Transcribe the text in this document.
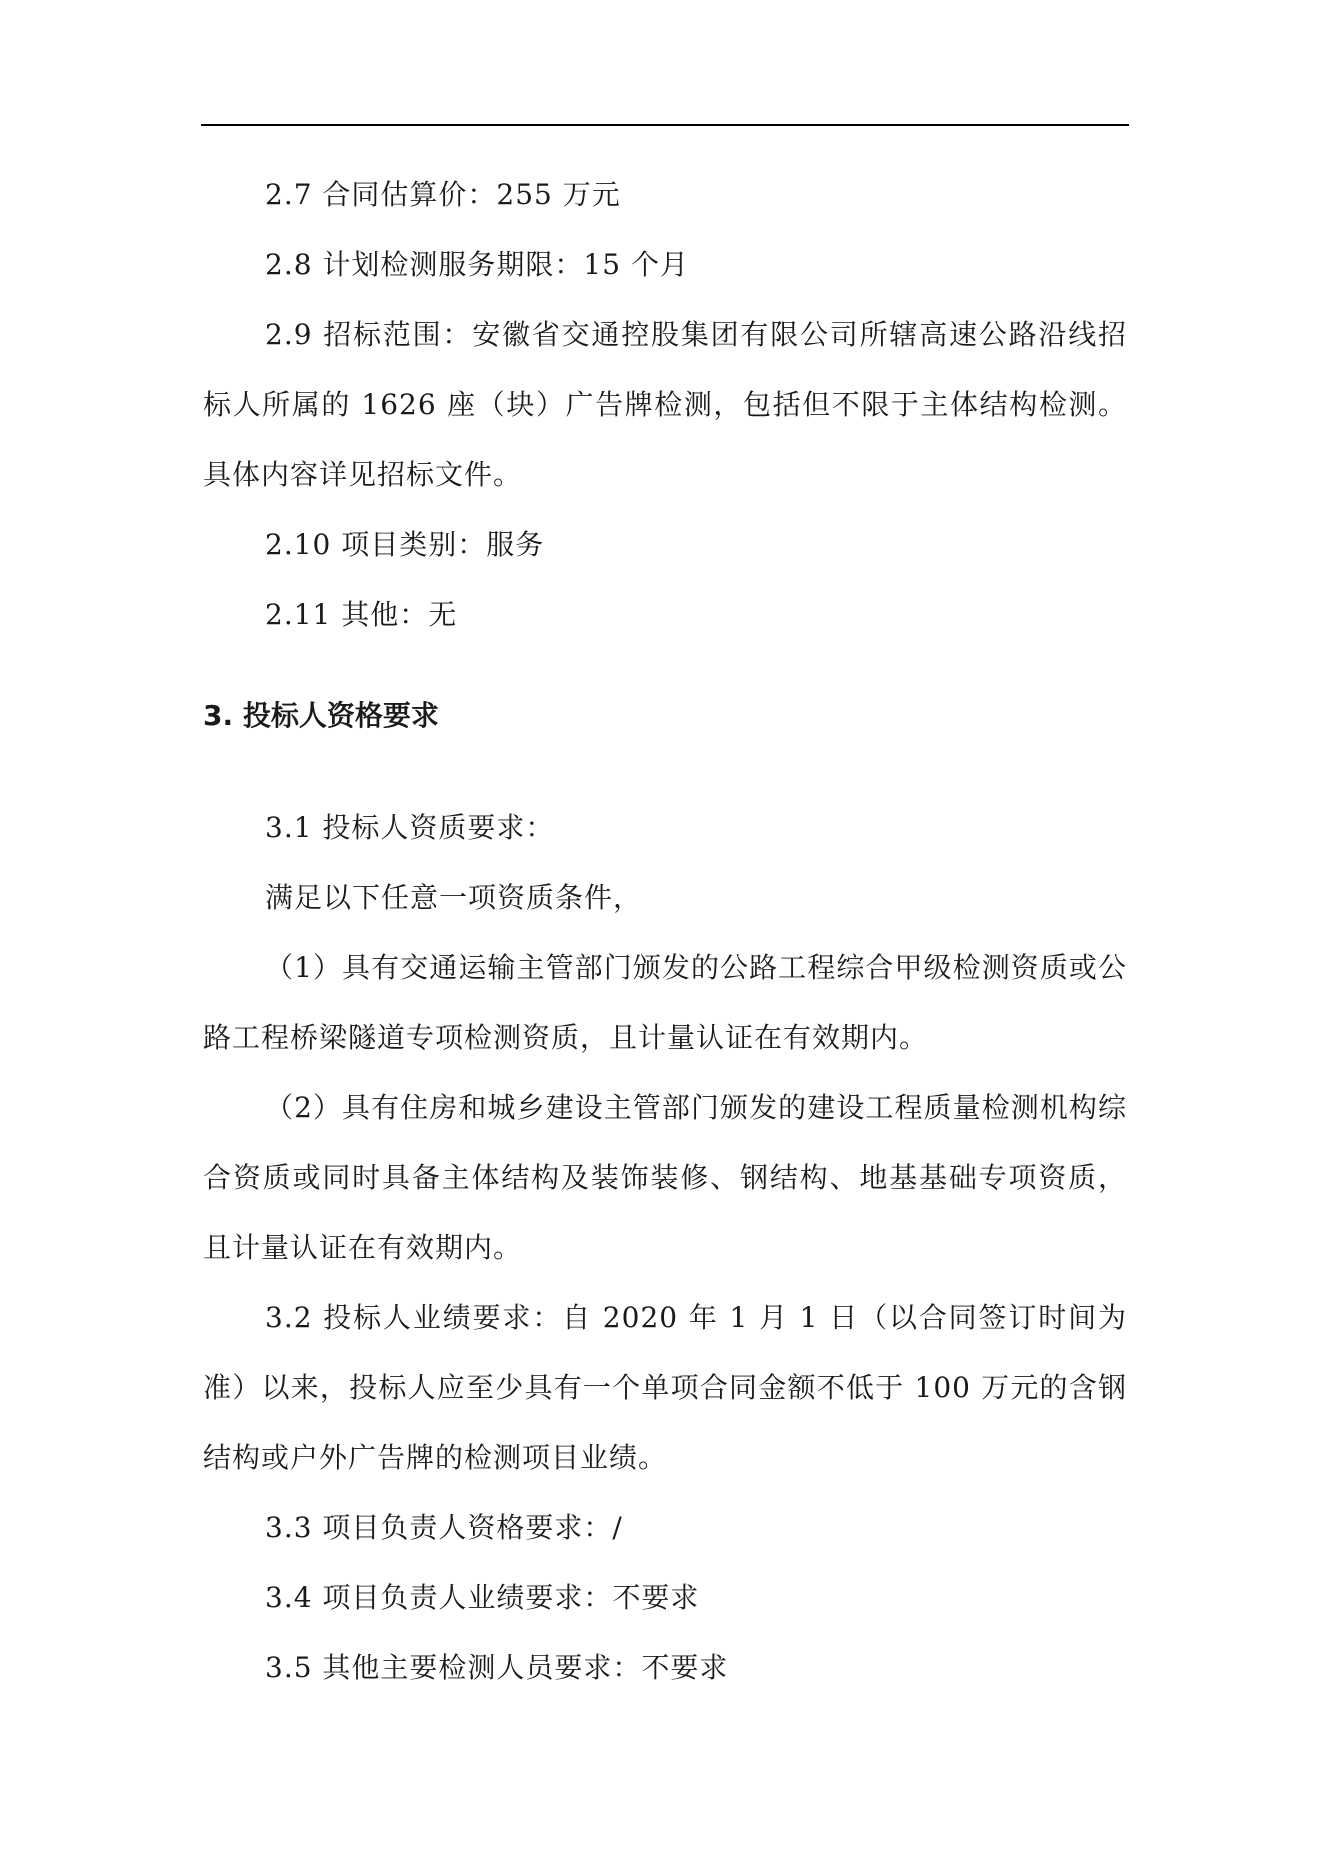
2.7 合同估算价：255 万元

2.8 计划检测服务期限：15 个月

2.9 招标范围：安徽省交通控股集团有限公司所辖高速公路沿线招标人所属的 1626 座（块）广告牌检测，包括但不限于主体结构检测。具体内容详见招标文件。

2.10 项目类别：服务

2.11 其他：无

3. 投标人资格要求

3.1 投标人资质要求：

满足以下任意一项资质条件，

（1）具有交通运输主管部门颁发的公路工程综合甲级检测资质或公路工程桥梁隧道专项检测资质，且计量认证在有效期内。

（2）具有住房和城乡建设主管部门颁发的建设工程质量检测机构综合资质或同时具备主体结构及装饰装修、钢结构、地基基础专项资质，且计量认证在有效期内。

3.2 投标人业绩要求：自 2020 年 1 月 1 日（以合同签订时间为准）以来，投标人应至少具有一个单项合同金额不低于 100 万元的含钢结构或户外广告牌的检测项目业绩。

3.3 项目负责人资格要求：/

3.4 项目负责人业绩要求：不要求

3.5 其他主要检测人员要求：不要求
